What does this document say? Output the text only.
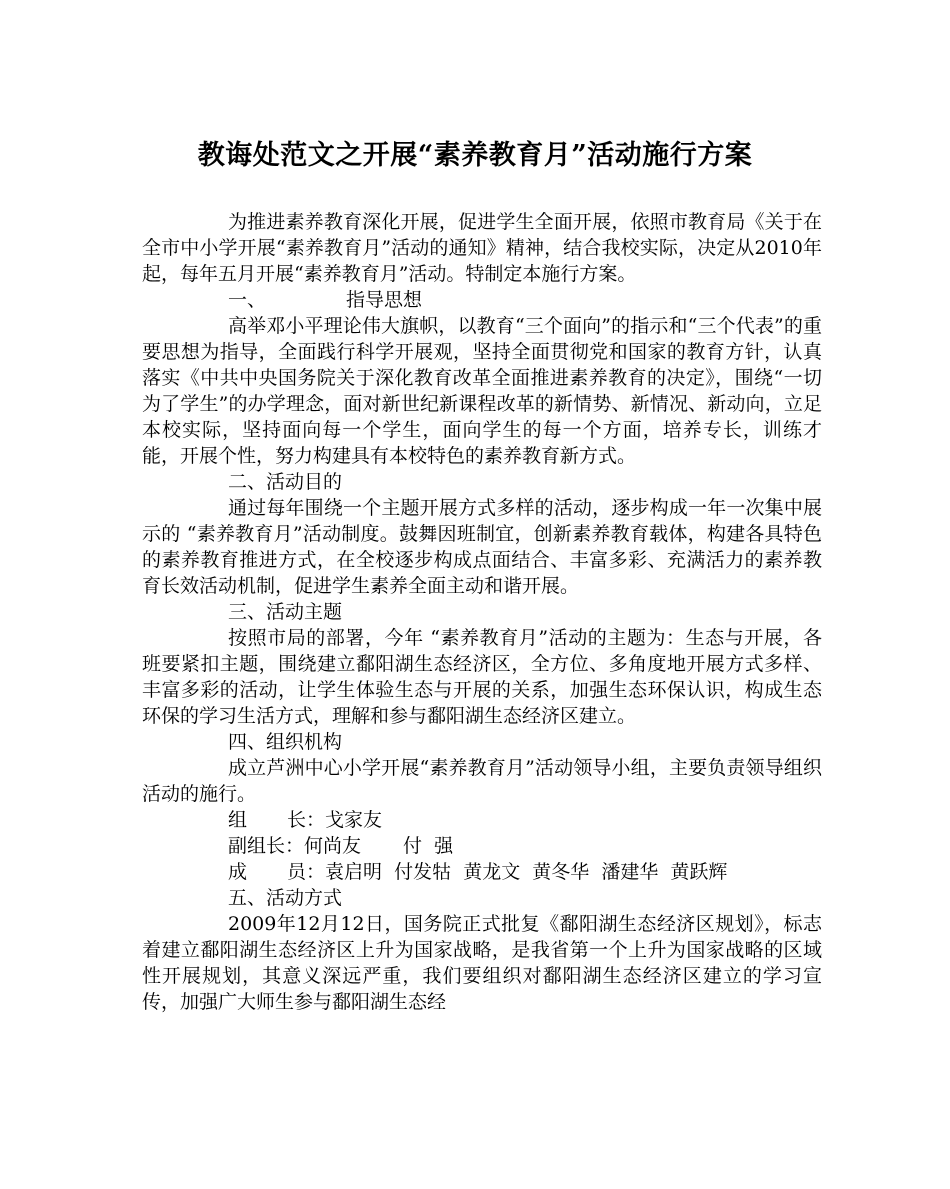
教诲处范文之开展“素养教育月”活动施行方案

为推进素养教育深化开展，促进学生全面开展，依照市教育局《关于在全市中小学开展“素养教育月”活动的通知》精神，结合我校实际，决定从2010年起，每年五月开展“素养教育月”活动。特制定本施行方案。

一、	指导思想

高举邓小平理论伟大旗帜，以教育“三个面向”的指示和“三个代表”的重要思想为指导，全面践行科学开展观，坚持全面贯彻党和国家的教育方针，认真落实《中共中央国务院关于深化教育改革全面推进素养教育的决定》，围绕“一切为了学生”的办学理念，面对新世纪新课程改革的新情势、新情况、新动向，立足本校实际，坚持面向每一个学生，面向学生的每一个方面，培养专长，训练才能，开展个性，努力构建具有本校特色的素养教育新方式。

二、活动目的

通过每年围绕一个主题开展方式多样的活动，逐步构成一年一次集中展示的 “素养教育月”活动制度。鼓舞因班制宜，创新素养教育载体，构建各具特色的素养教育推进方式，在全校逐步构成点面结合、丰富多彩、充满活力的素养教育长效活动机制，促进学生素养全面主动和谐开展。

三、活动主题

按照市局的部署，今年 “素养教育月”活动的主题为：生态与开展，各班要紧扣主题，围绕建立鄱阳湖生态经济区，全方位、多角度地开展方式多样、丰富多彩的活动，让学生体验生态与开展的关系，加强生态环保认识，构成生态环保的学习生活方式，理解和参与鄱阳湖生态经济区建立。

四、组织机构

成立芦洲中心小学开展“素养教育月”活动领导小组，主要负责领导组织活动的施行。

组 长：戈家友

副组长：何尚友 付  强

成 员：袁启明  付发牯  黄龙文  黄冬华  潘建华  黄跃辉

五、活动方式

2009年12月12日，国务院正式批复《鄱阳湖生态经济区规划》，标志着建立鄱阳湖生态经济区上升为国家战略，是我省第一个上升为国家战略的区域性开展规划，其意义深远严重，我们要组织对鄱阳湖生态经济区建立的学习宣传，加强广大师生参与鄱阳湖生态经
